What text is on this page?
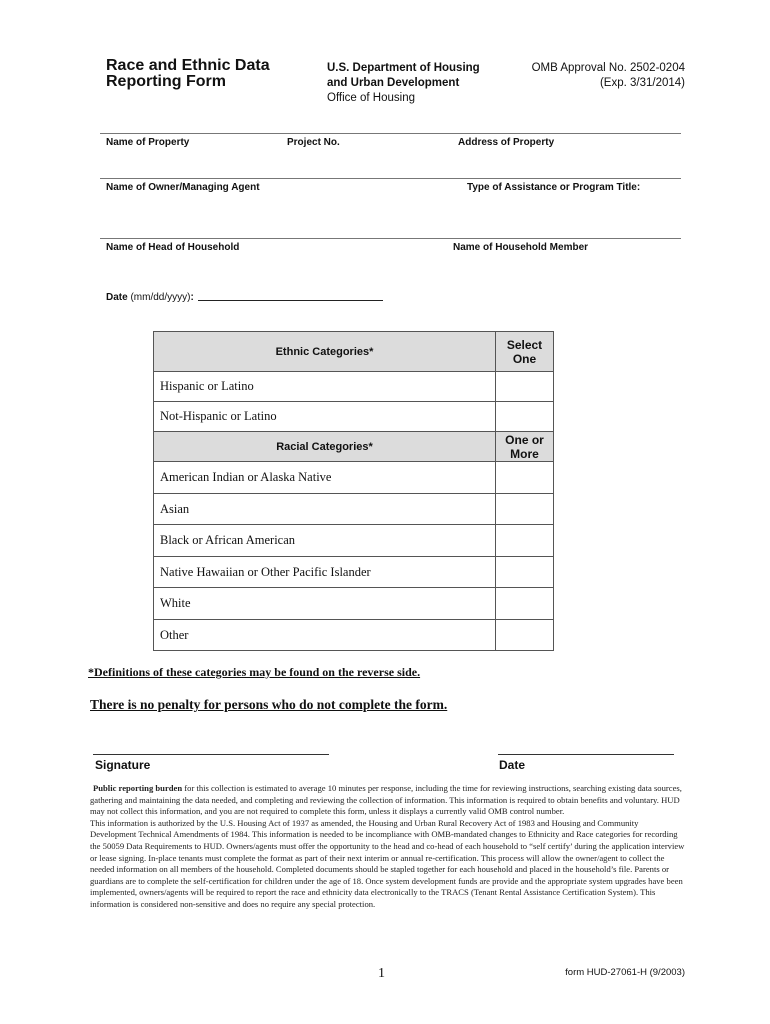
Race and Ethnic Data
Reporting Form
U.S. Department of Housing
and Urban Development
Office of Housing
OMB Approval No. 2502-0204
(Exp. 3/31/2014)
Name of Property	Project No.	Address of Property
Name of Owner/Managing Agent	Type of Assistance or Program Title:
Name of Head of Household	Name of Household Member
Date (mm/dd/yyyy):
Ethnic Categories*	Select
One

Hispanic or Latino	
Not-Hispanic or Latino	
Racial Categories*	One or
More

American Indian or Alaska Native	
Asian	
Black or African American	
Native Hawaiian or Other Pacific Islander	
White	
Other	
*Definitions of these categories may be found on the reverse side.
There is no penalty for persons who do not complete the form.
Signature	Date
Public reporting burden for this collection is estimated to average 10 minutes per response, including the time for reviewing instructions, searching existing data sources, gathering and maintaining the data needed, and completing and reviewing the collection of information. This information is required to obtain benefits and voluntary. HUD may not collect this information, and you are not required to complete this form, unless it displays a currently valid OMB control number.
This information is authorized by the U.S. Housing Act of 1937 as amended, the Housing and Urban Rural Recovery Act of 1983 and Housing and Community Development Technical Amendments of 1984. This information is needed to be incompliance with OMB-mandated changes to Ethnicity and Race categories for recording the 50059 Data Requirements to HUD. Owners/agents must offer the opportunity to the head and co-head of each household to “self certify’ during the application interview or lease signing. In-place tenants must complete the format as part of their next interim or annual re-certification. This process will allow the owner/agent to collect the needed information on all members of the household. Completed documents should be stapled together for each household and placed in the household’s file. Parents or guardians are to complete the self-certification for children under the age of 18. Once system development funds are provide and the appropriate system upgrades have been implemented, owners/agents will be required to report the race and ethnicity data electronically to the TRACS (Tenant Rental Assistance Certification System). This information is considered non-sensitive and does no require any special protection.
1	form HUD-27061-H (9/2003)
